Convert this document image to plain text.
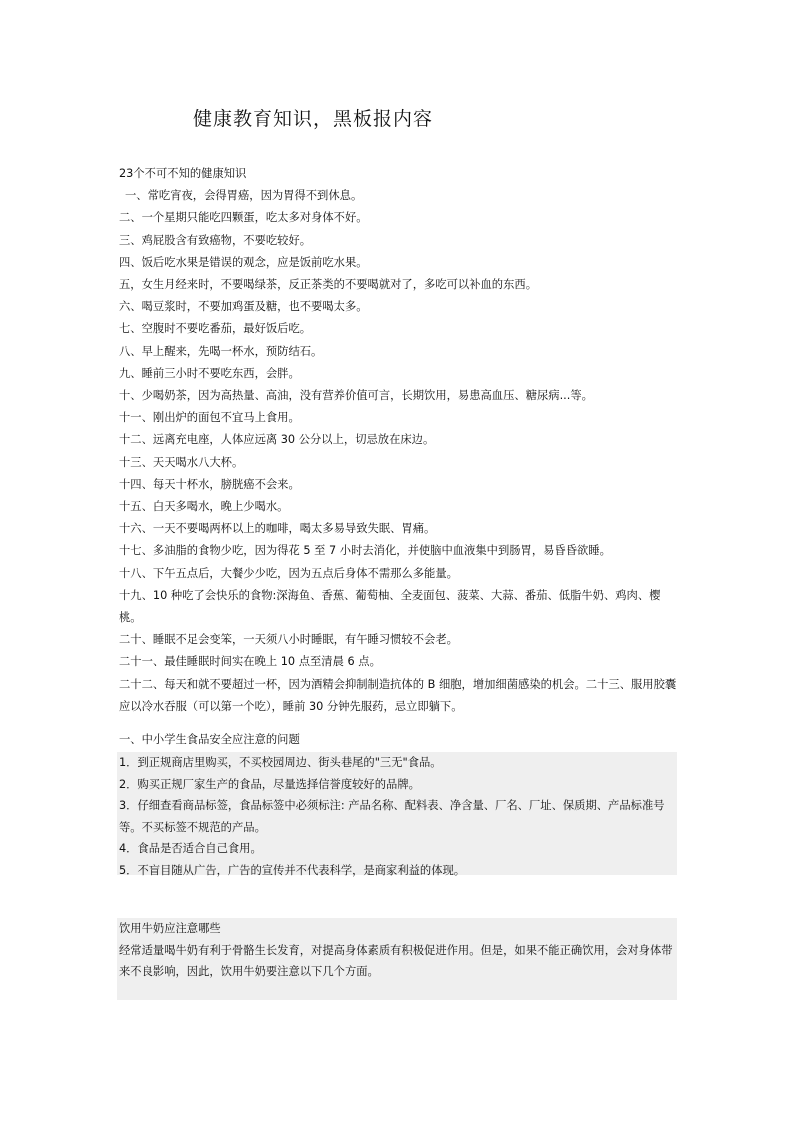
健康教育知识，黑板报内容
23个不可不知的健康知识
一、常吃宵夜，会得胃癌，因为胃得不到休息。
二、一个星期只能吃四颗蛋，吃太多对身体不好。
三、鸡屁股含有致癌物，不要吃较好。
四、饭后吃水果是错误的观念，应是饭前吃水果。
五，女生月经来时，不要喝绿茶，反正茶类的不要喝就对了，多吃可以补血的东西。
六、喝豆浆时，不要加鸡蛋及糖，也不要喝太多。
七、空腹时不要吃番茄，最好饭后吃。
八、早上醒来，先喝一杯水，预防结石。
九、睡前三小时不要吃东西，会胖。
十、少喝奶茶，因为高热量、高油，没有营养价值可言，长期饮用，易患高血压、糖尿病...等。
十一、刚出炉的面包不宜马上食用。
十二、远离充电座，人体应远离 30 公分以上，切忌放在床边。
十三、天天喝水八大杯。
十四、每天十杯水，膀胱癌不会来。
十五、白天多喝水，晚上少喝水。
十六、一天不要喝两杯以上的咖啡，喝太多易导致失眠、胃痛。
十七、多油脂的食物少吃，因为得花 5 至 7 小时去消化，并使脑中血液集中到肠胃，易昏昏欲睡。
十八、下午五点后，大餐少少吃，因为五点后身体不需那么多能量。
十九、10 种吃了会快乐的食物:深海鱼、香蕉、葡萄柚、全麦面包、菠菜、大蒜、番茄、低脂牛奶、鸡肉、樱桃。
二十、睡眠不足会变笨，一天须八小时睡眠，有午睡习惯较不会老。
二十一、最佳睡眠时间实在晚上 10 点至清晨 6 点。
二十二、每天和就不要超过一杯，因为酒精会抑制制造抗体的 B 细胞，增加细菌感染的机会。二十三、服用胶囊应以冷水吞服（可以第一个吃），睡前 30 分钟先服药，忌立即躺下。
一、中小学生食品安全应注意的问题
1．到正规商店里购买，不买校园周边、街头巷尾的"三无"食品。
2．购买正规厂家生产的食品，尽量选择信誉度较好的品牌。
3．仔细查看商品标签，食品标签中必须标注: 产品名称、配料表、净含量、厂名、厂址、保质期、产品标准号等。不买标签不规范的产品。
4．食品是否适合自己食用。
5．不盲目随从广告，广告的宣传并不代表科学，是商家利益的体现。
饮用牛奶应注意哪些
经常适量喝牛奶有利于骨骼生长发育，对提高身体素质有积极促进作用。但是，如果不能正确饮用，会对身体带来不良影响，因此，饮用牛奶要注意以下几个方面。
